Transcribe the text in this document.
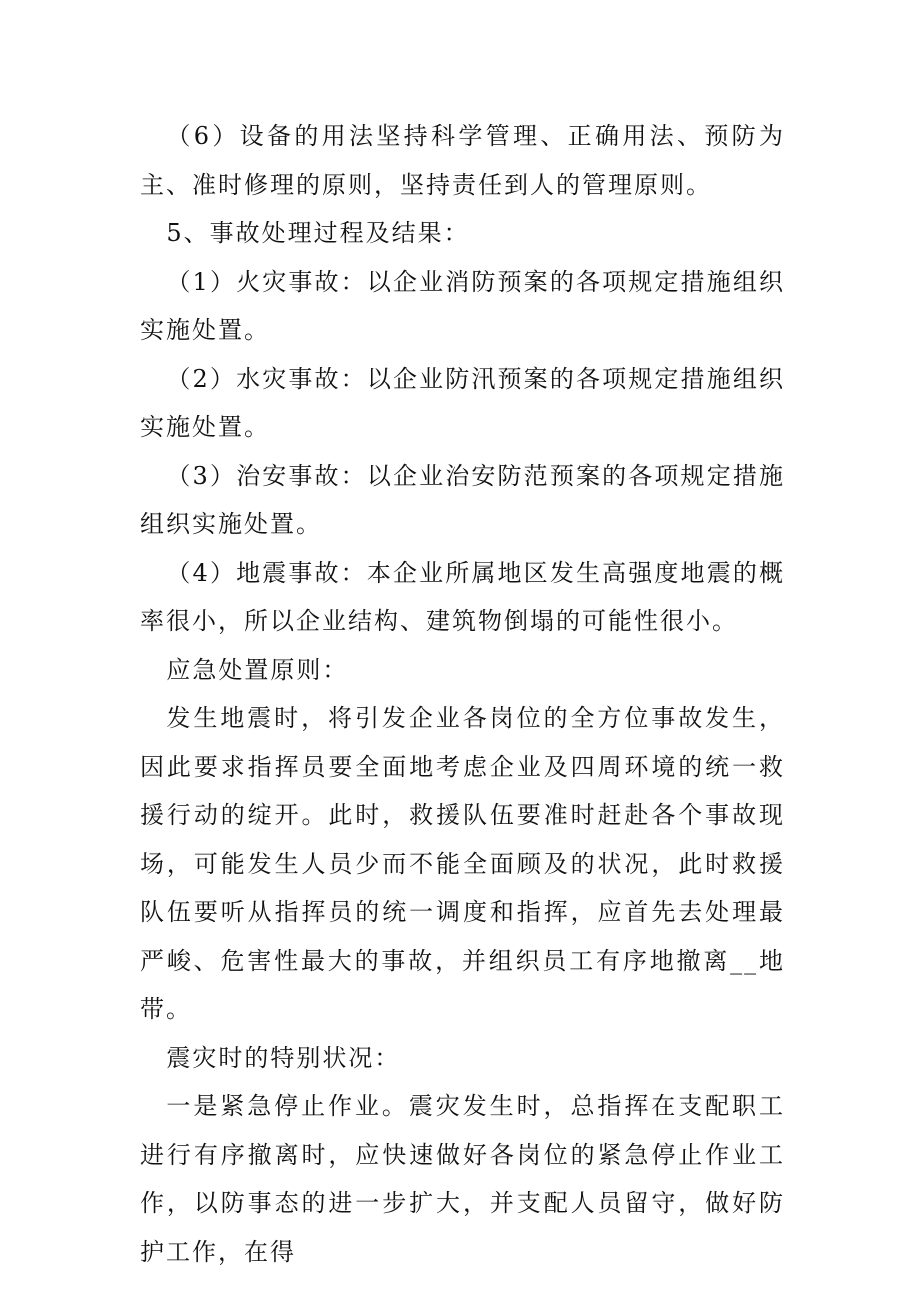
（6）设备的用法坚持科学管理、正确用法、预防为主、准时修理的原则，坚持责任到人的管理原则。

5、事故处理过程及结果：

（1）火灾事故：以企业消防预案的各项规定措施组织实施处置。

（2）水灾事故：以企业防汛预案的各项规定措施组织实施处置。

（3）治安事故：以企业治安防范预案的各项规定措施组织实施处置。

（4）地震事故：本企业所属地区发生高强度地震的概率很小，所以企业结构、建筑物倒塌的可能性很小。

应急处置原则：

发生地震时，将引发企业各岗位的全方位事故发生，因此要求指挥员要全面地考虑企业及四周环境的统一救援行动的绽开。此时，救援队伍要准时赶赴各个事故现场，可能发生人员少而不能全面顾及的状况，此时救援队伍要听从指挥员的统一调度和指挥，应首先去处理最严峻、危害性最大的事故，并组织员工有序地撤离__地带。

震灾时的特别状况：

一是紧急停止作业。震灾发生时，总指挥在支配职工进行有序撤离时，应快速做好各岗位的紧急停止作业工作，以防事态的进一步扩大，并支配人员留守，做好防护工作，在得
